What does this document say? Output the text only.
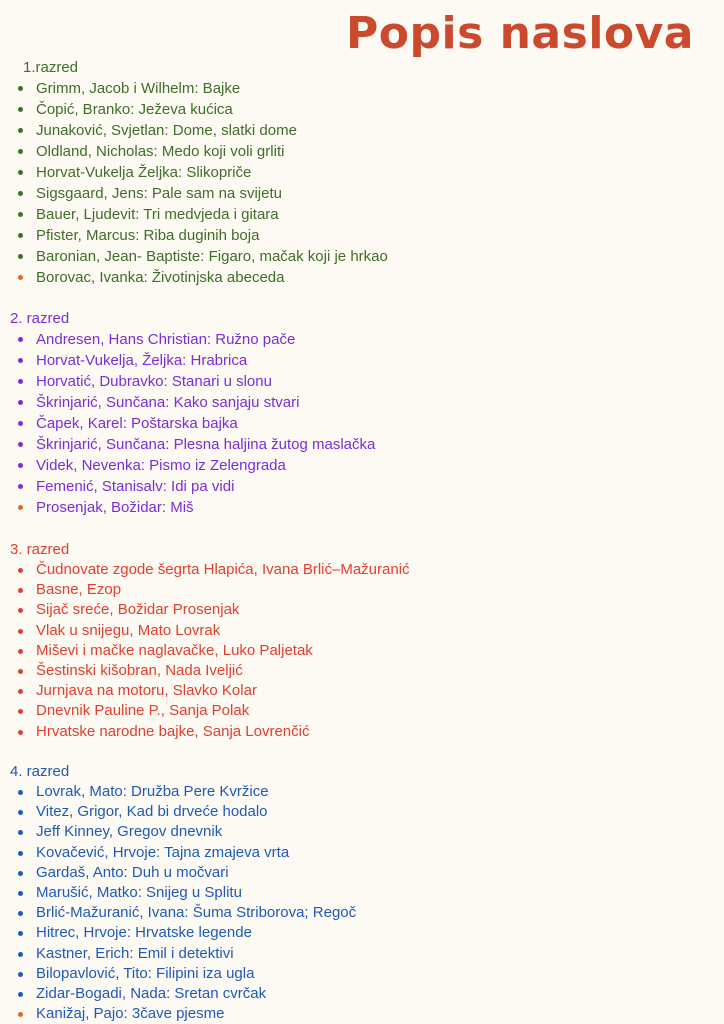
Popis naslova
1.razred
Grimm, Jacob i Wilhelm: Bajke
Čopić, Branko: Ježeva kućica
Junaković, Svjetlan: Dome, slatki dome
Oldland, Nicholas: Medo koji voli grliti
Horvat-Vukelja Željka: Slikopriče
Sigsgaard, Jens: Pale sam na svijetu
Bauer, Ljudevit: Tri medvjeda i gitara
Pfister, Marcus: Riba duginih boja
Baronian, Jean- Baptiste: Figaro, mačak koji je hrkao
Borovac, Ivanka: Životinjska abeceda
2. razred
Andresen, Hans Christian: Ružno pače
Horvat-Vukelja, Željka: Hrabrica
Horvatić, Dubravko: Stanari u slonu
Škrinjarić, Sunčana: Kako sanjaju stvari
Čapek, Karel: Poštarska bajka
Škrinjarić, Sunčana: Plesna haljina žutog maslačka
Videk, Nevenka: Pismo iz Zelengrada
Femenić, Stanisalv: Idi pa vidi
Prosenjak, Božidar: Miš
3. razred
Čudnovate zgode šegrta Hlapića, Ivana Brlić–Mažuranić
Basne, Ezop
Sijač sreće, Božidar Prosenjak
Vlak u snijegu, Mato Lovrak
Miševi i mačke naglavačke, Luko Paljetak
Šestinski kišobran, Nada Iveljić
Jurnjava na motoru, Slavko Kolar
Dnevnik Pauline P., Sanja Polak
Hrvatske narodne bajke, Sanja Lovrenčić
4. razred
Lovrak, Mato: Družba Pere Kvržice
Vitez, Grigor, Kad bi drveće hodalo
Jeff Kinney, Gregov dnevnik
Kovačević, Hrvoje: Tajna zmajeva vrta
Gardaš, Anto: Duh u močvari
Marušić, Matko: Snijeg u Splitu
Brlić-Mažuranić, Ivana: Šuma Striborova; Regoč
Hitrec, Hrvoje: Hrvatske legende
Kastner, Erich: Emil i detektivi
Bilopavlović, Tito: Filipini iza ugla
Zidar-Bogadi, Nada: Sretan cvrčak
Kanižaj, Pajo: 3čave pjesme
